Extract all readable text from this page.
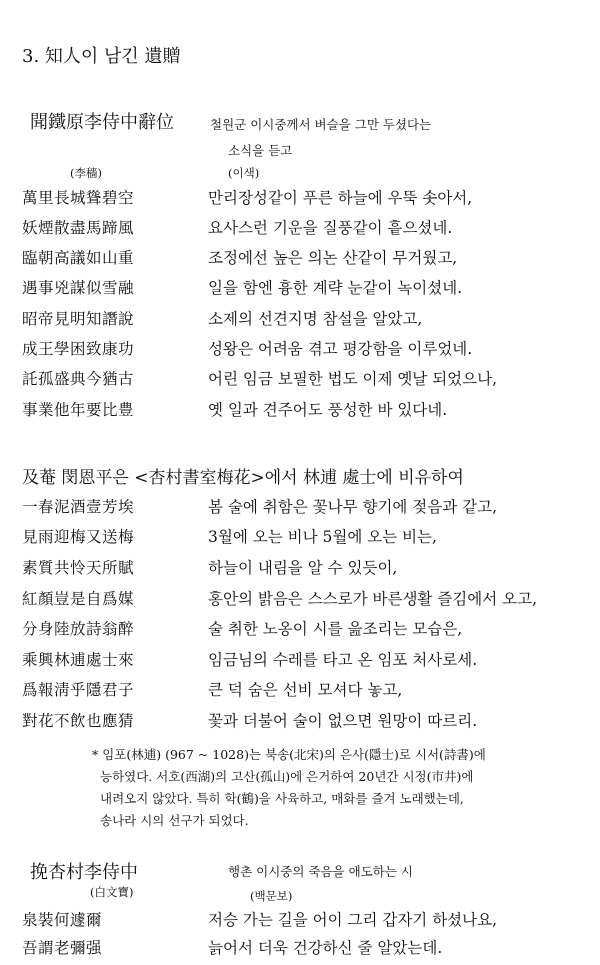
3. 知人이 남긴 遺贈
聞鐵原李侍中辭位	철원군 이시중께서 벼슬을 그만 두셨다는
소식을 듣고
(李穡)	(이색)
萬里長城聳碧空	만리장성같이 푸른 하늘에 우뚝 솟아서,
妖煙散盡馬蹄風	요사스런 기운을 질풍같이 흩으셨네.
臨朝高議如山重	조정에선 높은 의논 산같이 무거웠고,
遇事兇謀似雪融	일을 함엔 흉한 계략 눈같이 녹이셨네.
昭帝見明知譖說	소제의 선견지명 참설을 알았고,
成王學困致康功	성왕은 어려움 겪고 평강함을 이루었네.
託孤盛典今猶古	어린 임금 보필한 법도 이제 옛날 되었으나,
事業他年要比豊	옛 일과 견주어도 풍성한 바 있다네.
及菴 閔恩平은 <杏村書室梅花>에서 林逋 處士에 비유하여
一春泥酒壹芳埃	봄 술에 취함은 꽃나무 향기에 젖음과 같고,
見雨迎梅又送梅	3월에 오는 비나 5월에 오는 비는,
素質共怜天所賦	하늘이 내림을 알 수 있듯이,
紅顏豈是自爲媒	홍안의 밝음은 스스로가 바른생활 즐김에서 오고,
分身陸放詩翁醉	술 취한 노옹이 시를 읊조리는 모습은,
乘興林逋處士來	임금님의 수레를 타고 온 임포 처사로세.
爲報淸乎隱君子	큰 덕 숨은 선비 모셔다 놓고,
對花不飲也應猜	꽃과 더불어 술이 없으면 원망이 따르리.
* 임포(林逋) (967 ~ 1028)는 북송(北宋)의 은사(隱士)로 시서(詩書)에
능하였다. 서호(西湖)의 고산(孤山)에 은거하여 20년간 시정(市井)에
내려오지 않았다. 특히 학(鶴)을 사육하고, 매화를 즐겨 노래했는데,
송나라 시의 선구가 되었다.
挽杏村李侍中	행촌 이시중의 죽음을 애도하는 시
(白文寶)	(백문보)
泉裝何遽爾	저승 가는 길을 어이 그리 갑자기 하셨나요,
吾謂老彌强	늙어서 더욱 건강하신 줄 알았는데.
